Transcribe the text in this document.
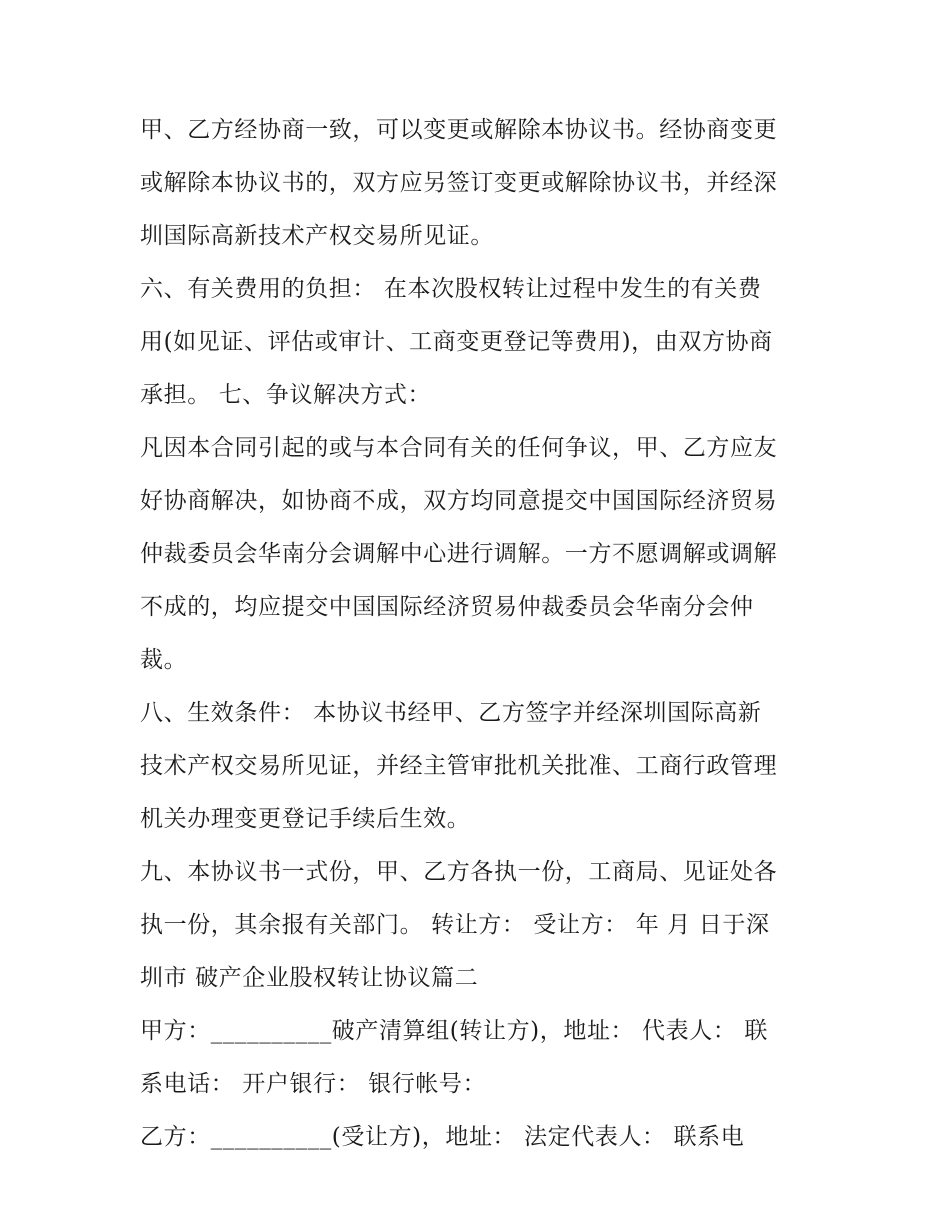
甲、乙方经协商一致，可以变更或解除本协议书。经协商变更
或解除本协议书的，双方应另签订变更或解除协议书，并经深
圳国际高新技术产权交易所见证。

六、有关费用的负担： 在本次股权转让过程中发生的有关费
用(如见证、评估或审计、工商变更登记等费用)，由双方协商
承担。 七、争议解决方式：

凡因本合同引起的或与本合同有关的任何争议，甲、乙方应友
好协商解决，如协商不成，双方均同意提交中国国际经济贸易
仲裁委员会华南分会调解中心进行调解。一方不愿调解或调解
不成的，均应提交中国国际经济贸易仲裁委员会华南分会仲
裁。

八、生效条件： 本协议书经甲、乙方签字并经深圳国际高新
技术产权交易所见证，并经主管审批机关批准、工商行政管理
机关办理变更登记手续后生效。

九、本协议书一式份，甲、乙方各执一份，工商局、见证处各
执一份，其余报有关部门。 转让方： 受让方： 年 月 日于深
圳市 破产企业股权转让协议篇二

甲方：__________破产清算组(转让方)，地址： 代表人： 联
系电话： 开户银行： 银行帐号：

乙方：__________(受让方)，地址： 法定代表人： 联系电
